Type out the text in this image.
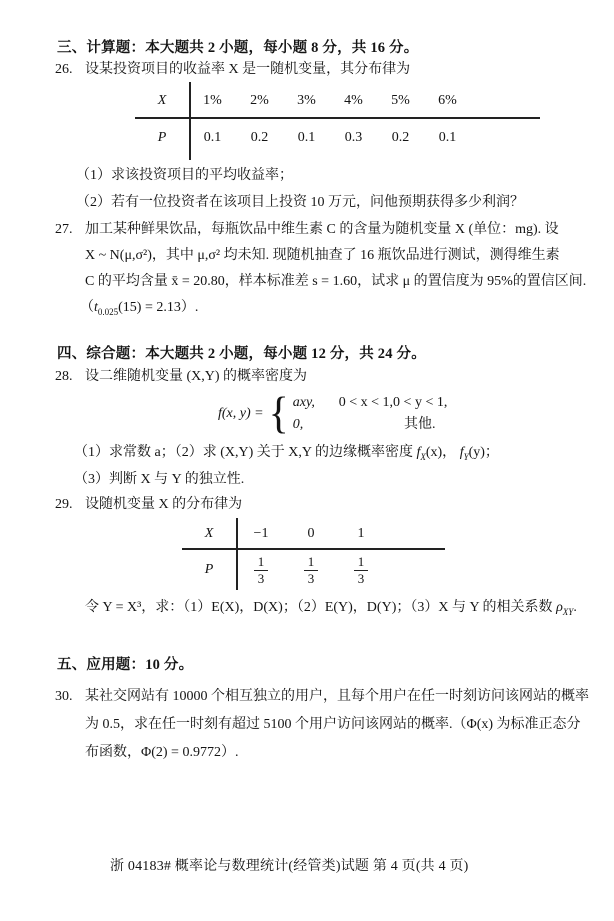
三、计算题：本大题共 2 小题，每小题 8 分，共 16 分。
26. 设某投资项目的收益率 X 是一随机变量，其分布律为
X	1%	2%	3%	4%	5%	6%
P	0.1	0.2	0.1	0.3	0.2	0.1
（1）求该投资项目的平均收益率；
（2）若有一位投资者在该项目上投资 10 万元，问他预期获得多少利润？
27. 加工某种鲜果饮品，每瓶饮品中维生素 C 的含量为随机变量 X (单位：mg). 设
X ~ N(μ,σ²)，其中 μ,σ² 均未知. 现随机抽查了 16 瓶饮品进行测试，测得维生素
C 的平均含量 x̄ = 20.80，样本标准差 s = 1.60，试求 μ 的置信度为 95%的置信区间.
$(t_{0.025}(15) = 2.13)$.
四、综合题：本大题共 2 小题，每小题 12 分，共 24 分。
28. 设二维随机变量 (X,Y) 的概率密度为
f(x, y) = { axy,	0 < x < 1,0 < y < 1,
0,	其他.
（1）求常数 a；（2）求 (X,Y) 关于 X,Y 的边缘概率密度 $f_X(x)$， $f_Y(y)$；
（3）判断 X 与 Y 的独立性.
29. 设随机变量 X 的分布律为
X	−1	0	1
P	$\frac{1}{3}$	$\frac{1}{3}$	$\frac{1}{3}$
令 Y = X³，求：（1）E(X)，D(X)；（2）E(Y)，D(Y)；（3）X 与 Y 的相关系数 $\rho_{XY}$.
五、应用题：10 分。
30. 某社交网站有 10000 个相互独立的用户，且每个用户在任一时刻访问该网站的概率
为 0.5，求在任一时刻有超过 5100 个用户访问该网站的概率.（Φ(x) 为标准正态分
布函数，Φ(2) = 0.9772）.
浙 04183# 概率论与数理统计(经管类)试题 第 4 页(共 4 页)
